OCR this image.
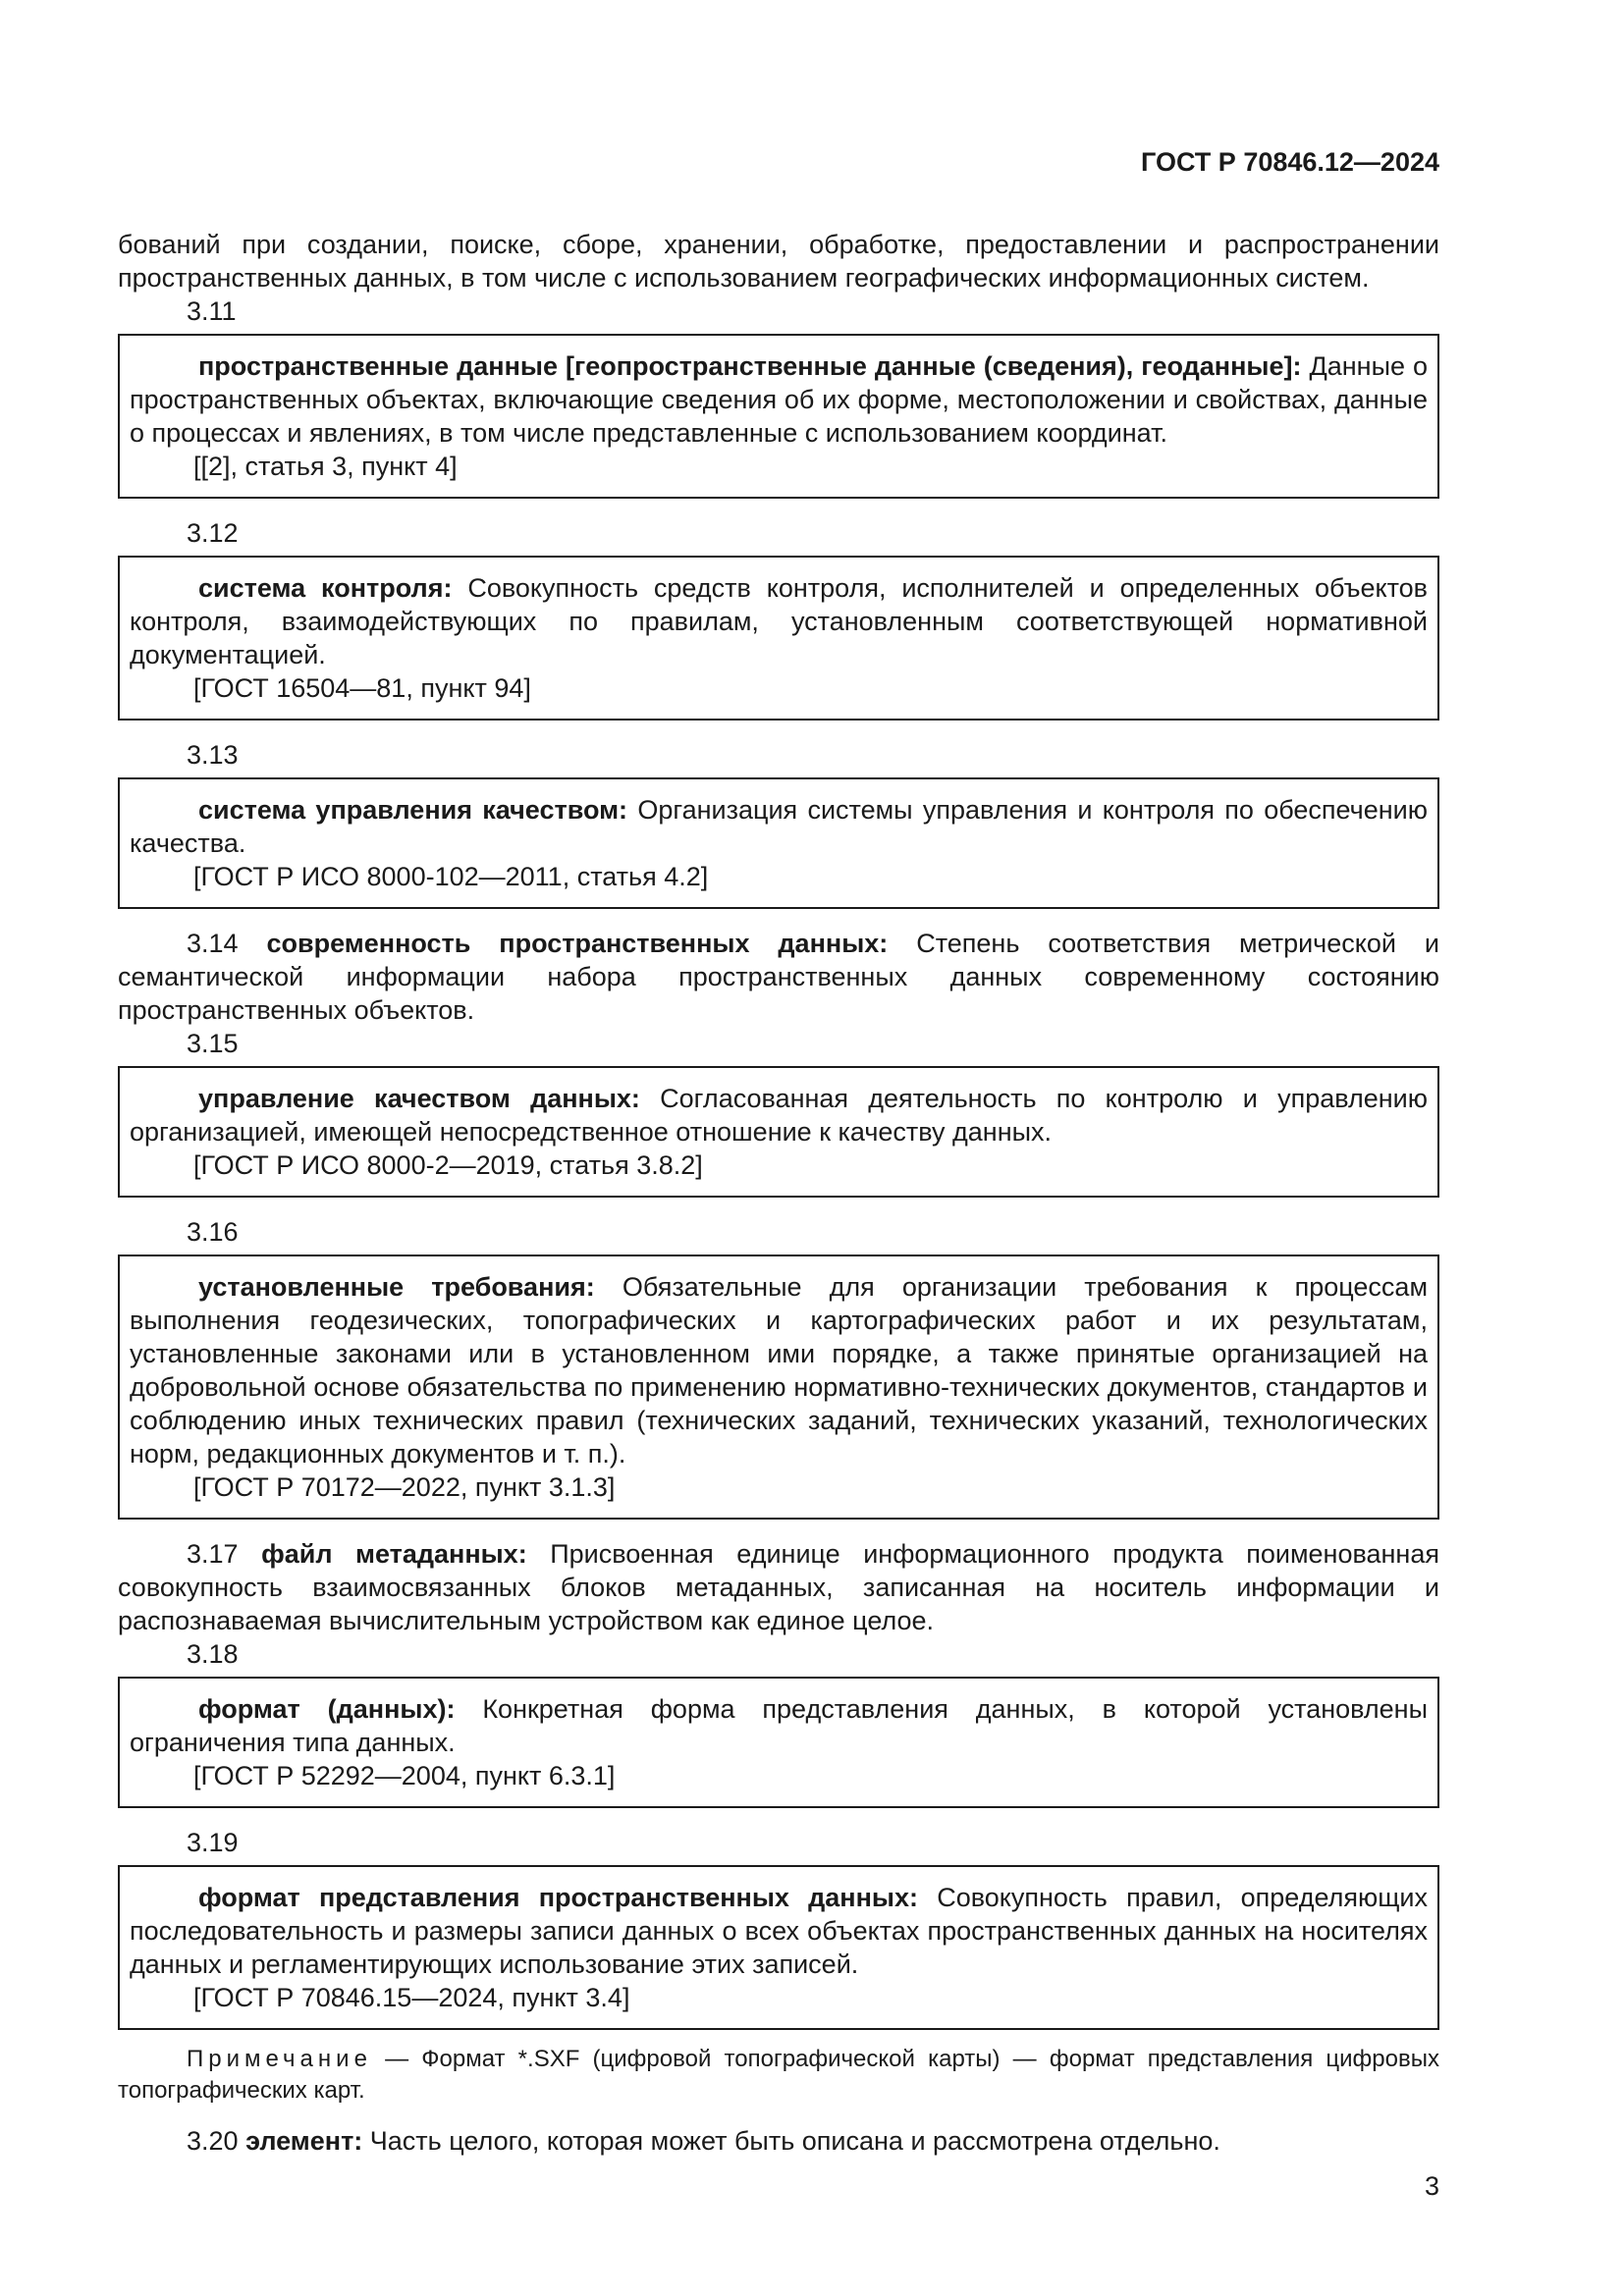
ГОСТ Р 70846.12—2024

бований при создании, поиске, сборе, хранении, обработке, предоставлении и распространении пространственных данных, в том числе с использованием географических информационных систем.

3.11

пространственные данные [геопространственные данные (сведения), геоданные]: Данные о пространственных объектах, включающие сведения об их форме, местоположении и свойствах, данные о процессах и явлениях, в том числе представленные с использованием координат.

[[2], статья 3, пункт 4]

3.12

система контроля: Совокупность средств контроля, исполнителей и определенных объектов контроля, взаимодействующих по правилам, установленным соответствующей нормативной документацией.

[ГОСТ 16504—81, пункт 94]

3.13

система управления качеством: Организация системы управления и контроля по обеспечению качества.

[ГОСТ Р ИСО 8000-102—2011, статья 4.2]

3.14 современность пространственных данных: Степень соответствия метрической и семантической информации набора пространственных данных современному состоянию пространственных объектов.

3.15

управление качеством данных: Согласованная деятельность по контролю и управлению организацией, имеющей непосредственное отношение к качеству данных.

[ГОСТ Р ИСО 8000-2—2019, статья 3.8.2]

3.16

установленные требования: Обязательные для организации требования к процессам выполнения геодезических, топографических и картографических работ и их результатам, установленные законами или в установленном ими порядке, а также принятые организацией на добровольной основе обязательства по применению нормативно-технических документов, стандартов и соблюдению иных технических правил (технических заданий, технических указаний, технологических норм, редакционных документов и т. п.).

[ГОСТ Р 70172—2022, пункт 3.1.3]

3.17 файл метаданных: Присвоенная единице информационного продукта поименованная совокупность взаимосвязанных блоков метаданных, записанная на носитель информации и распознаваемая вычислительным устройством как единое целое.

3.18

формат (данных): Конкретная форма представления данных, в которой установлены ограничения типа данных.

[ГОСТ Р 52292—2004, пункт 6.3.1]

3.19

формат представления пространственных данных: Совокупность правил, определяющих последовательность и размеры записи данных о всех объектах пространственных данных на носителях данных и регламентирующих использование этих записей.

[ГОСТ Р 70846.15—2024, пункт 3.4]

Примечание — Формат *.SXF (цифровой топографической карты) — формат представления цифровых топографических карт.

3.20 элемент: Часть целого, которая может быть описана и рассмотрена отдельно.

3
